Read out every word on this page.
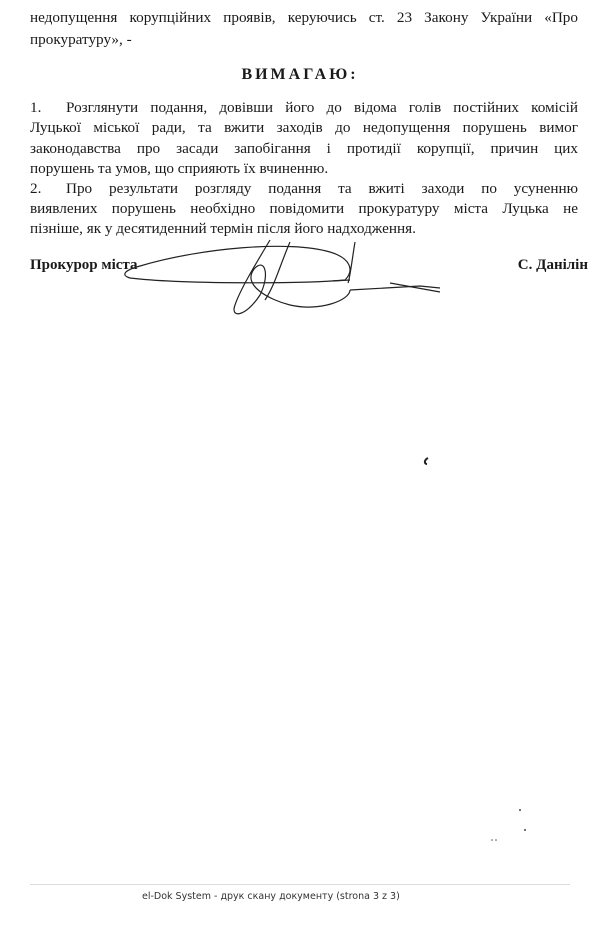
недопущення корупційних проявів, керуючись ст. 23 Закону України «Про
прокуратуру», -
ВИМАГАЮ:
1. Розглянути подання, довівши його до відома голів постійних комісій
Луцької міської ради, та вжити заходів до недопущення порушень вимог
законодавства про засади запобігання і протидії корупції, причин цих
порушень та умов, що сприяють їх вчиненню.
2. Про результати розгляду подання та вжиті заходи по усуненню
виявлених порушень необхідно повідомити прокуратуру міста Луцька не
пізніше, як у десятиденний термін після його надходження.
Прокурор міста	С. Данілін
el-Dok System - друк скану документу (strona 3 z 3)
